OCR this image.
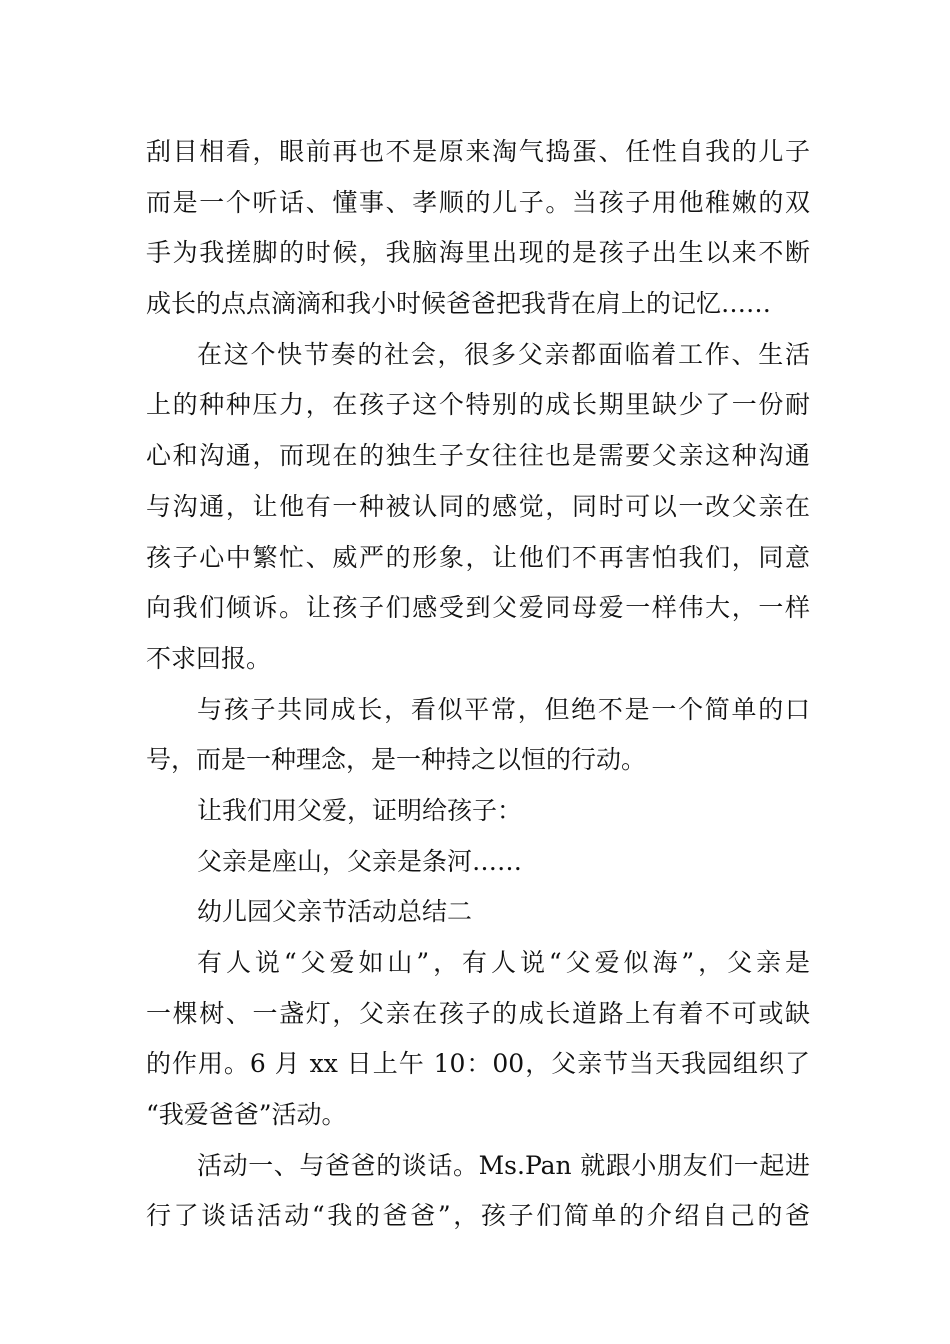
刮目相看，眼前再也不是原来淘气捣蛋、任性自我的儿子
而是一个听话、懂事、孝顺的儿子。当孩子用他稚嫩的双
手为我搓脚的时候，我脑海里出现的是孩子出生以来不断
成长的点点滴滴和我小时候爸爸把我背在肩上的记忆……
在这个快节奏的社会，很多父亲都面临着工作、生活
上的种种压力，在孩子这个特别的成长期里缺少了一份耐
心和沟通，而现在的独生子女往往也是需要父亲这种沟通
与沟通，让他有一种被认同的感觉，同时可以一改父亲在
孩子心中繁忙、威严的形象，让他们不再害怕我们，同意
向我们倾诉。让孩子们感受到父爱同母爱一样伟大，一样
不求回报。
与孩子共同成长，看似平常，但绝不是一个简单的口
号，而是一种理念，是一种持之以恒的行动。
让我们用父爱，证明给孩子：
父亲是座山，父亲是条河……
幼儿园父亲节活动总结二
有人说“父爱如山”，有人说“父爱似海”，父亲是
一棵树、一盏灯，父亲在孩子的成长道路上有着不可或缺
的作用。6 月 xx 日上午 10：00，父亲节当天我园组织了
“我爱爸爸”活动。
活动一、与爸爸的谈话。Ms.Pan 就跟小朋友们一起进
行了谈话活动“我的爸爸”，孩子们简单的介绍自己的爸
